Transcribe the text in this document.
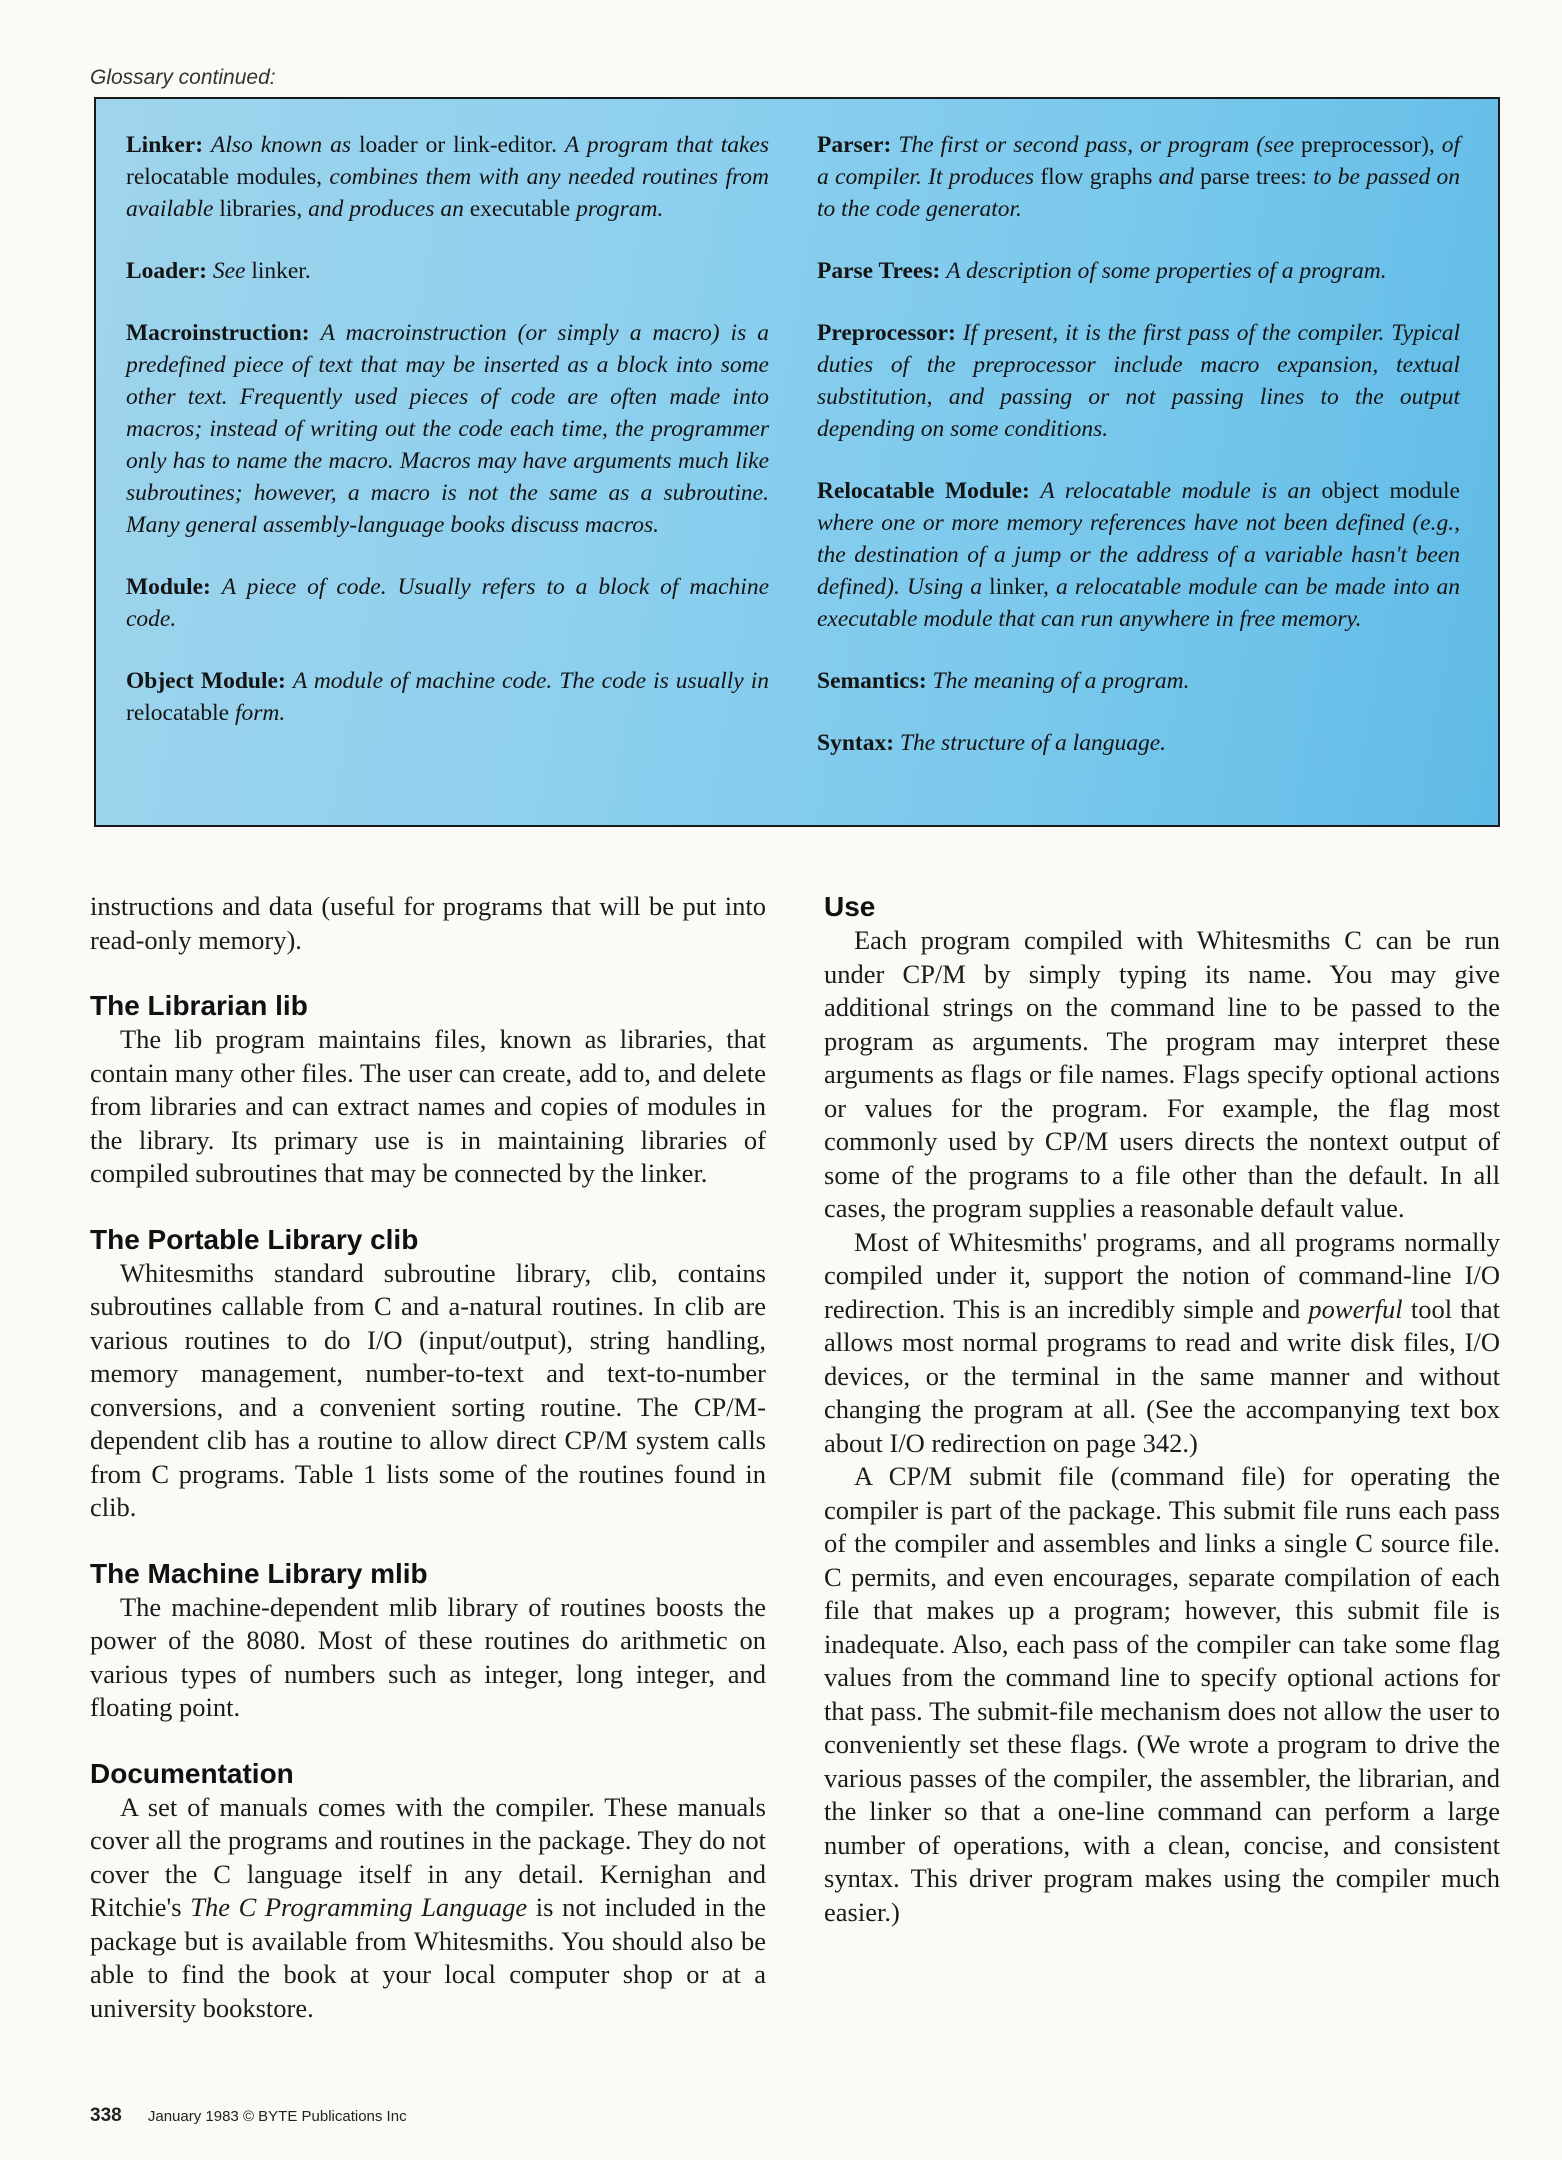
Glossary continued:

Linker: Also known as loader or link-editor. A program that takes relocatable modules, combines them with any needed routines from available libraries, and produces an executable program.

Loader: See linker.

Macroinstruction: A macroinstruction (or simply a macro) is a predefined piece of text that may be inserted as a block into some other text. Frequently used pieces of code are often made into macros; instead of writing out the code each time, the programmer only has to name the macro. Macros may have arguments much like subroutines; however, a macro is not the same as a subroutine. Many general assembly-language books discuss macros.

Module: A piece of code. Usually refers to a block of machine code.

Object Module: A module of machine code. The code is usually in relocatable form.

Parser: The first or second pass, or program (see preprocessor), of a compiler. It produces flow graphs and parse trees: to be passed on to the code generator.

Parse Trees: A description of some properties of a program.

Preprocessor: If present, it is the first pass of the compiler. Typical duties of the preprocessor include macro expansion, textual substitution, and passing or not passing lines to the output depending on some conditions.

Relocatable Module: A relocatable module is an object module where one or more memory references have not been defined (e.g., the destination of a jump or the address of a variable hasn't been defined). Using a linker, a relocatable module can be made into an executable module that can run anywhere in free memory.

Semantics: The meaning of a program.

Syntax: The structure of a language.

instructions and data (useful for programs that will be put into read-only memory).

The Librarian lib

The lib program maintains files, known as libraries, that contain many other files. The user can create, add to, and delete from libraries and can extract names and copies of modules in the library. Its primary use is in maintaining libraries of compiled subroutines that may be connected by the linker.

The Portable Library clib

Whitesmiths standard subroutine library, clib, contains subroutines callable from C and a-natural routines. In clib are various routines to do I/O (input/output), string handling, memory management, number-to-text and text-to-number conversions, and a convenient sorting routine. The CP/M-dependent clib has a routine to allow direct CP/M system calls from C programs. Table 1 lists some of the routines found in clib.

The Machine Library mlib

The machine-dependent mlib library of routines boosts the power of the 8080. Most of these routines do arithmetic on various types of numbers such as integer, long integer, and floating point.

Documentation

A set of manuals comes with the compiler. These manuals cover all the programs and routines in the package. They do not cover the C language itself in any detail. Kernighan and Ritchie's The C Programming Language is not included in the package but is available from Whitesmiths. You should also be able to find the book at your local computer shop or at a university bookstore.

Use

Each program compiled with Whitesmiths C can be run under CP/M by simply typing its name. You may give additional strings on the command line to be passed to the program as arguments. The program may interpret these arguments as flags or file names. Flags specify optional actions or values for the program. For example, the flag most commonly used by CP/M users directs the nontext output of some of the programs to a file other than the default. In all cases, the program supplies a reasonable default value.

Most of Whitesmiths' programs, and all programs normally compiled under it, support the notion of command-line I/O redirection. This is an incredibly simple and powerful tool that allows most normal programs to read and write disk files, I/O devices, or the terminal in the same manner and without changing the program at all. (See the accompanying text box about I/O redirection on page 342.)

A CP/M submit file (command file) for operating the compiler is part of the package. This submit file runs each pass of the compiler and assembles and links a single C source file. C permits, and even encourages, separate compilation of each file that makes up a program; however, this submit file is inadequate. Also, each pass of the compiler can take some flag values from the command line to specify optional actions for that pass. The submit-file mechanism does not allow the user to conveniently set these flags. (We wrote a program to drive the various passes of the compiler, the assembler, the librarian, and the linker so that a one-line command can perform a large number of operations, with a clean, concise, and consistent syntax. This driver program makes using the compiler much easier.)

338 January 1983 © BYTE Publications Inc
